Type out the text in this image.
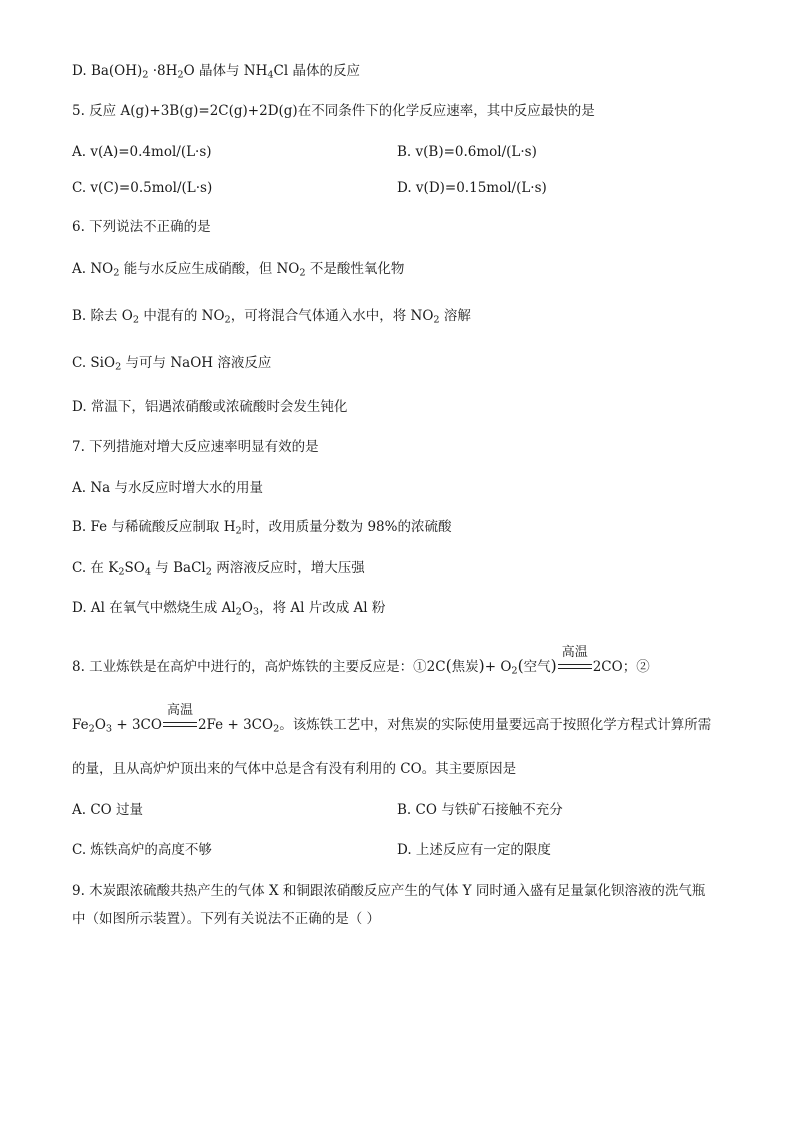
D. $Ba(OH)_2 \cdot 8H_2O$ 晶体与 $NH_4Cl$ 晶体的反应
5. 反应 A(g)+3B(g)=2C(g)+2D(g)在不同条件下的化学反应速率，其中反应最快的是
A. v(A)=0.4mol/(L·s)	B. v(B)=0.6mol/(L·s)
C. v(C)=0.5mol/(L·s)	D. v(D)=0.15mol/(L·s)
6. 下列说法不正确的是
A. $NO_2$ 能与水反应生成硝酸，但 $NO_2$ 不是酸性氧化物
B. 除去 $O_2$ 中混有的 $NO_2$，可将混合气体通入水中，将 $NO_2$ 溶解
C. SiO$_2$ 与可与 NaOH 溶液反应
D. 常温下，铝遇浓硝酸或浓硫酸时会发生钝化
7. 下列措施对增大反应速率明显有效的是
A. Na 与水反应时增大水的用量
B. Fe 与稀硫酸反应制取 $H_2$时，改用质量分数为 98%的浓硫酸
C. 在 $K_2SO_4$ 与 BaCl$_2$ 两溶液反应时，增大压强
D. Al 在氧气中燃烧生成 $Al_2O_3$，将 Al 片改成 Al 粉
8. 工业炼铁是在高炉中进行的，高炉炼铁的主要反应是：①2C(焦炭)+ $O_2$(空气)
高温
2CO；②
$Fe_2O_3 + 3CO$
高温
$2Fe + 3CO_2$。该炼铁工艺中，对焦炭的实际使用量要远高于按照化学方程式计算所需
的量，且从高炉炉顶出来的气体中总是含有没有利用的 CO。其主要原因是
A. CO 过量	B. CO 与铁矿石接触不充分
C. 炼铁高炉的高度不够	D. 上述反应有一定的限度
9. 木炭跟浓硫酸共热产生的气体 X 和铜跟浓硝酸反应产生的气体 Y 同时通入盛有足量氯化钡溶液的洗气瓶
中（如图所示装置）。下列有关说法不正确的是（ ）
